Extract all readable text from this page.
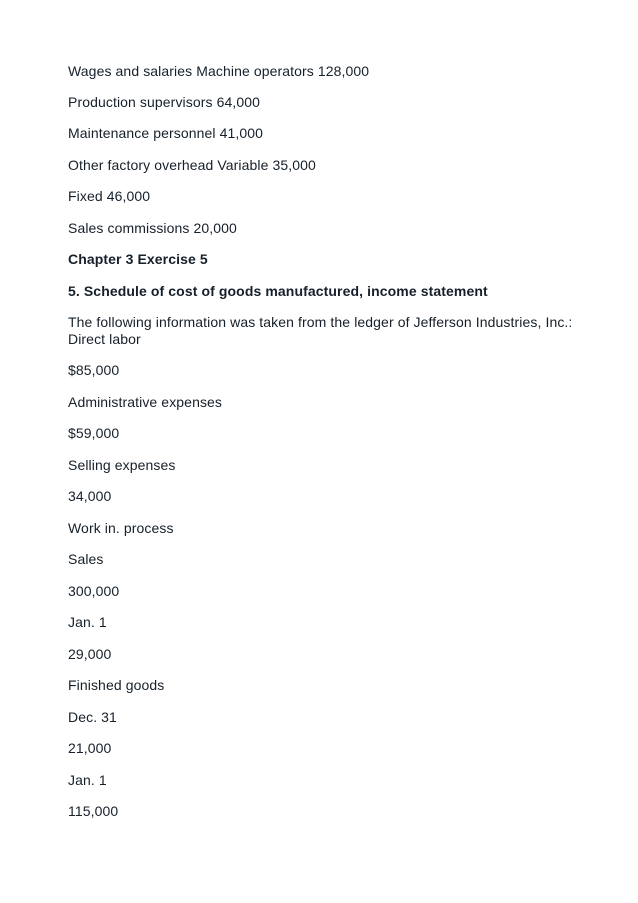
Wages and salaries Machine operators 128,000
Production supervisors 64,000
Maintenance personnel 41,000
Other factory overhead Variable 35,000
Fixed 46,000
Sales commissions 20,000
Chapter 3 Exercise 5
5. Schedule of cost of goods manufactured, income statement
The following information was taken from the ledger of Jefferson Industries, Inc.: Direct labor
$85,000
Administrative expenses
$59,000
Selling expenses
34,000
Work in. process
Sales
300,000
Jan. 1
29,000
Finished goods
Dec. 31
21,000
Jan. 1
115,000
